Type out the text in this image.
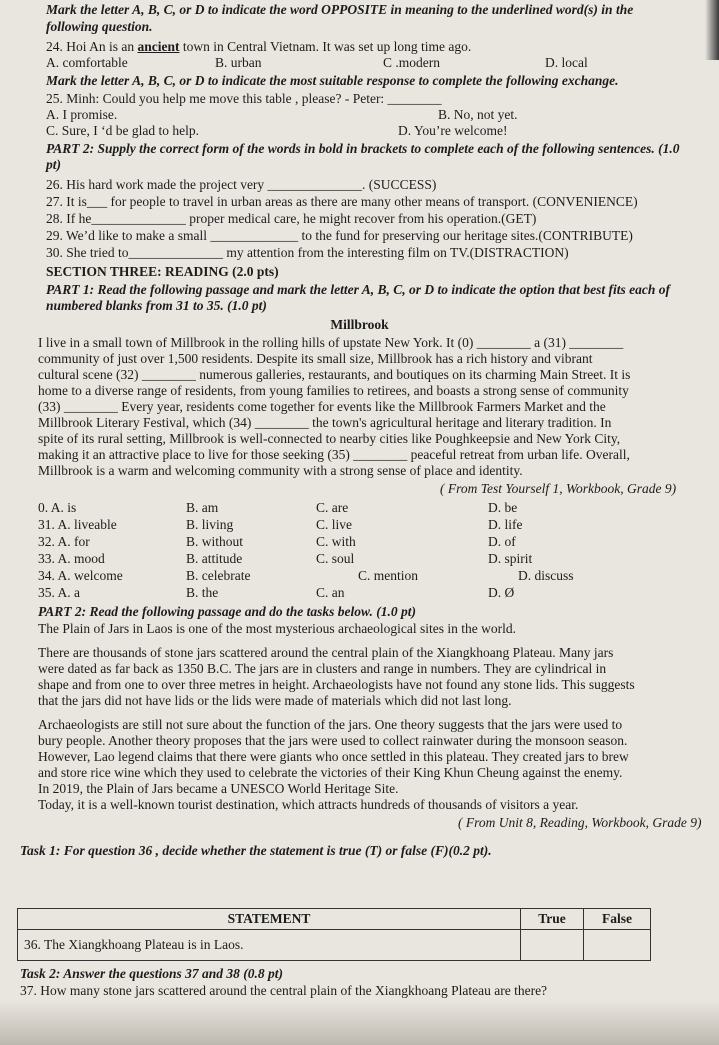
Mark the letter A, B, C, or D to indicate the word OPPOSITE in meaning to the underlined word(s) in the
following question.
24. Hoi An is an ancient town in Central Vietnam. It was set up long time ago.
A. comfortable	B. urban	C .modern	D. local
Mark the letter A, B, C, or D to indicate the most suitable response to complete the following exchange.
25. Minh: Could you help me move this table , please? - Peter: ________
A. I promise.	B. No, not yet.
C. Sure, I ‘d be glad to help.	D. You’re welcome!
PART 2: Supply the correct form of the words in bold in brackets to complete each of the following sentences. (1.0
pt)
26. His hard work made the project very ______________. (SUCCESS)
27. It is___ for people to travel in urban areas as there are many other means of transport. (CONVENIENCE)
28. If he______________ proper medical care, he might recover from his operation.(GET)
29. We’d like to make a small _____________ to the fund for preserving our heritage sites.(CONTRIBUTE)
30. She tried to______________ my attention from the interesting film on TV.(DISTRACTION)
SECTION THREE: READING (2.0 pts)
PART 1: Read the following passage and mark the letter A, B, C, or D to indicate the option that best fits each of
numbered blanks from 31 to 35. (1.0 pt)
Millbrook
I live in a small town of Millbrook in the rolling hills of upstate New York. It (0) ________ a (31) ________
community of just over 1,500 residents. Despite its small size, Millbrook has a rich history and vibrant
cultural scene (32) ________ numerous galleries, restaurants, and boutiques on its charming Main Street. It is
home to a diverse range of residents, from young families to retirees, and boasts a strong sense of community
(33) ________ Every year, residents come together for events like the Millbrook Farmers Market and the
Millbrook Literary Festival, which (34) ________ the town's agricultural heritage and literary tradition. In
spite of its rural setting, Millbrook is well-connected to nearby cities like Poughkeepsie and New York City,
making it an attractive place to live for those seeking (35) ________ peaceful retreat from urban life. Overall,
Millbrook is a warm and welcoming community with a strong sense of place and identity.
( From Test Yourself 1, Workbook, Grade 9)
0. A. is	B. am	C. are	D. be
31. A. liveable	B. living	C. live	D. life
32. A. for	B. without	C. with	D. of
33. A. mood	B. attitude	C. soul	D. spirit
34. A. welcome	B. celebrate	C. mention	D. discuss
35. A. a	B. the	C. an	D. Ø
PART 2: Read the following passage and do the tasks below. (1.0 pt)
The Plain of Jars in Laos is one of the most mysterious archaeological sites in the world.
There are thousands of stone jars scattered around the central plain of the Xiangkhoang Plateau. Many jars
were dated as far back as 1350 B.C. The jars are in clusters and range in numbers. They are cylindrical in
shape and from one to over three metres in height. Archaeologists have not found any stone lids. This suggests
that the jars did not have lids or the lids were made of materials which did not last long.
Archaeologists are still not sure about the function of the jars. One theory suggests that the jars were used to
bury people. Another theory proposes that the jars were used to collect rainwater during the monsoon season.
However, Lao legend claims that there were giants who once settled in this plateau. They created jars to brew
and store rice wine which they used to celebrate the victories of their King Khun Cheung against the enemy.
In 2019, the Plain of Jars became a UNESCO World Heritage Site.
Today, it is a well-known tourist destination, which attracts hundreds of thousands of visitors a year.
( From Unit 8, Reading, Workbook, Grade 9)
Task 1: For question 36 , decide whether the statement is true (T) or false (F)(0.2 pt).
STATEMENT	True	False
36. The Xiangkhoang Plateau is in Laos.		
Task 2: Answer the questions 37 and 38 (0.8 pt)
37. How many stone jars scattered around the central plain of the Xiangkhoang Plateau are there?
